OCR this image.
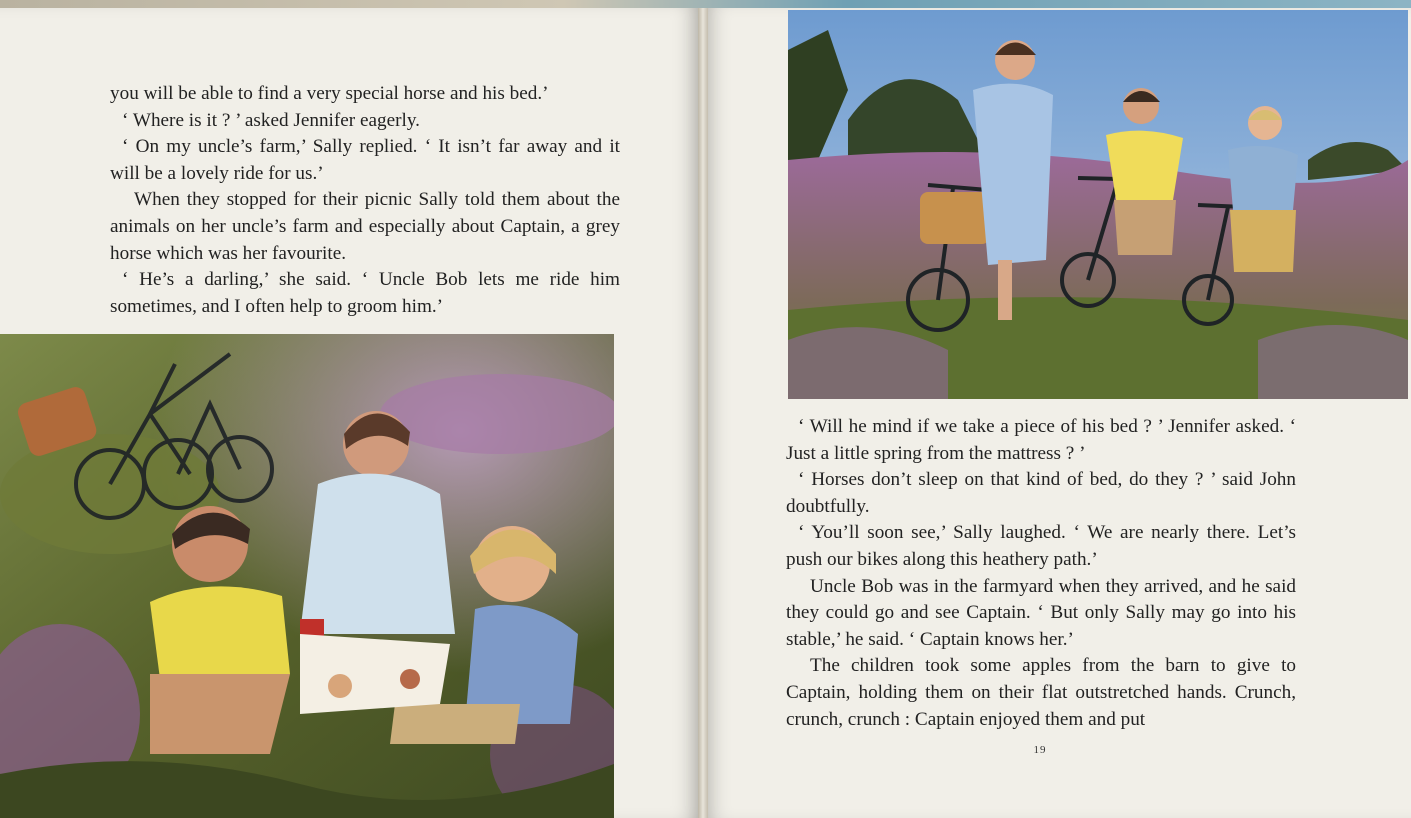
you will be able to find a very special horse and his bed.’

‘ Where is it ? ’ asked Jennifer eagerly.

‘ On my uncle’s farm,’ Sally replied. ‘ It isn’t far away and it will be a lovely ride for us.’

When they stopped for their picnic Sally told them about the animals on her uncle’s farm and especially about Captain, a grey horse which was her favourite.

‘ He’s a darling,’ she said. ‘ Uncle Bob lets me ride him sometimes, and I often help to groom him.’

‘ Will he mind if we take a piece of his bed ? ’ Jennifer asked. ‘ Just a little spring from the mattress ? ’

‘ Horses don’t sleep on that kind of bed, do they ? ’ said John doubtfully.

‘ You’ll soon see,’ Sally laughed. ‘ We are nearly there. Let’s push our bikes along this heathery path.’

Uncle Bob was in the farmyard when they arrived, and he said they could go and see Captain. ‘ But only Sally may go into his stable,’ he said. ‘ Captain knows her.’

The children took some apples from the barn to give to Captain, holding them on their flat outstretched hands. Crunch, crunch, crunch : Captain enjoyed them and put

19
